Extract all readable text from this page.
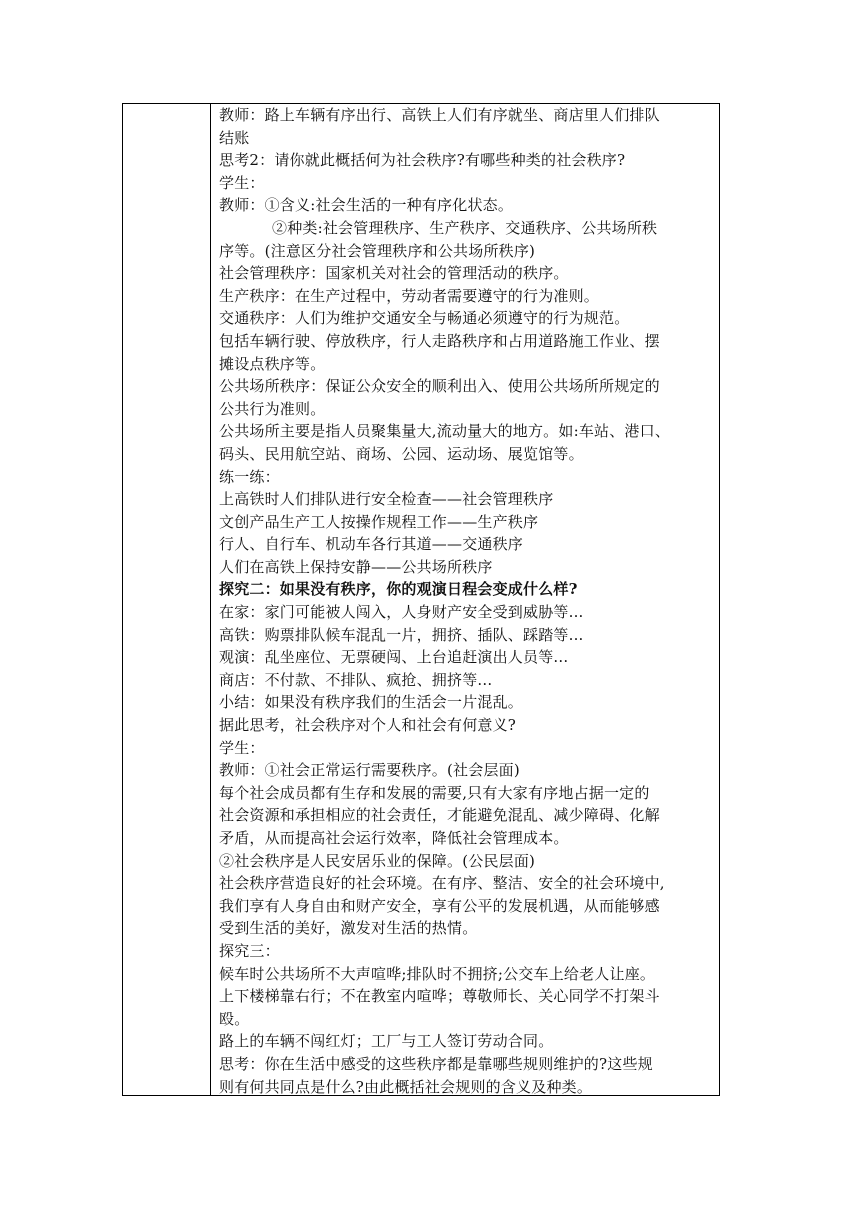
教师：路上车辆有序出行、高铁上人们有序就坐、商店里人们排队
结账
思考2：请你就此概括何为社会秩序?有哪些种类的社会秩序?
学生：
教师：①含义:社会生活的一种有序化状态。
②种类:社会管理秩序、生产秩序、交通秩序、公共场所秩
序等。(注意区分社会管理秩序和公共场所秩序)
社会管理秩序：国家机关对社会的管理活动的秩序。
生产秩序：在生产过程中，劳动者需要遵守的行为准则。
交通秩序：人们为维护交通安全与畅通必须遵守的行为规范。
包括车辆行驶、停放秩序，行人走路秩序和占用道路施工作业、摆
摊设点秩序等。
公共场所秩序：保证公众安全的顺利出入、使用公共场所所规定的
公共行为准则。
公共场所主要是指人员聚集量大,流动量大的地方。如:车站、港口、
码头、民用航空站、商场、公园、运动场、展览馆等。
练一练：
上高铁时人们排队进行安全检查——社会管理秩序
文创产品生产工人按操作规程工作——生产秩序
行人、自行车、机动车各行其道——交通秩序
人们在高铁上保持安静——公共场所秩序
探究二：如果没有秩序，你的观演日程会变成什么样?
在家：家门可能被人闯入，人身财产安全受到威胁等...
高铁：购票排队候车混乱一片，拥挤、插队、踩踏等...
观演：乱坐座位、无票硬闯、上台追赶演出人员等...
商店：不付款、不排队、疯抢、拥挤等...
小结：如果没有秩序我们的生活会一片混乱。
据此思考，社会秩序对个人和社会有何意义?
学生：
教师：①社会正常运行需要秩序。(社会层面)
每个社会成员都有生存和发展的需要,只有大家有序地占据一定的
社会资源和承担相应的社会责任，才能避免混乱、减少障碍、化解
矛盾，从而提高社会运行效率，降低社会管理成本。
②社会秩序是人民安居乐业的保障。(公民层面)
社会秩序营造良好的社会环境。在有序、整洁、安全的社会环境中,
我们享有人身自由和财产安全，享有公平的发展机遇，从而能够感
受到生活的美好，激发对生活的热情。
探究三：
候车时公共场所不大声喧哗;排队时不拥挤;公交车上给老人让座。
上下楼梯靠右行；不在教室内喧哗；尊敬师长、关心同学不打架斗
殴。
路上的车辆不闯红灯；工厂与工人签订劳动合同。
思考：你在生活中感受的这些秩序都是靠哪些规则维护的?这些规
则有何共同点是什么?由此概括社会规则的含义及种类。
